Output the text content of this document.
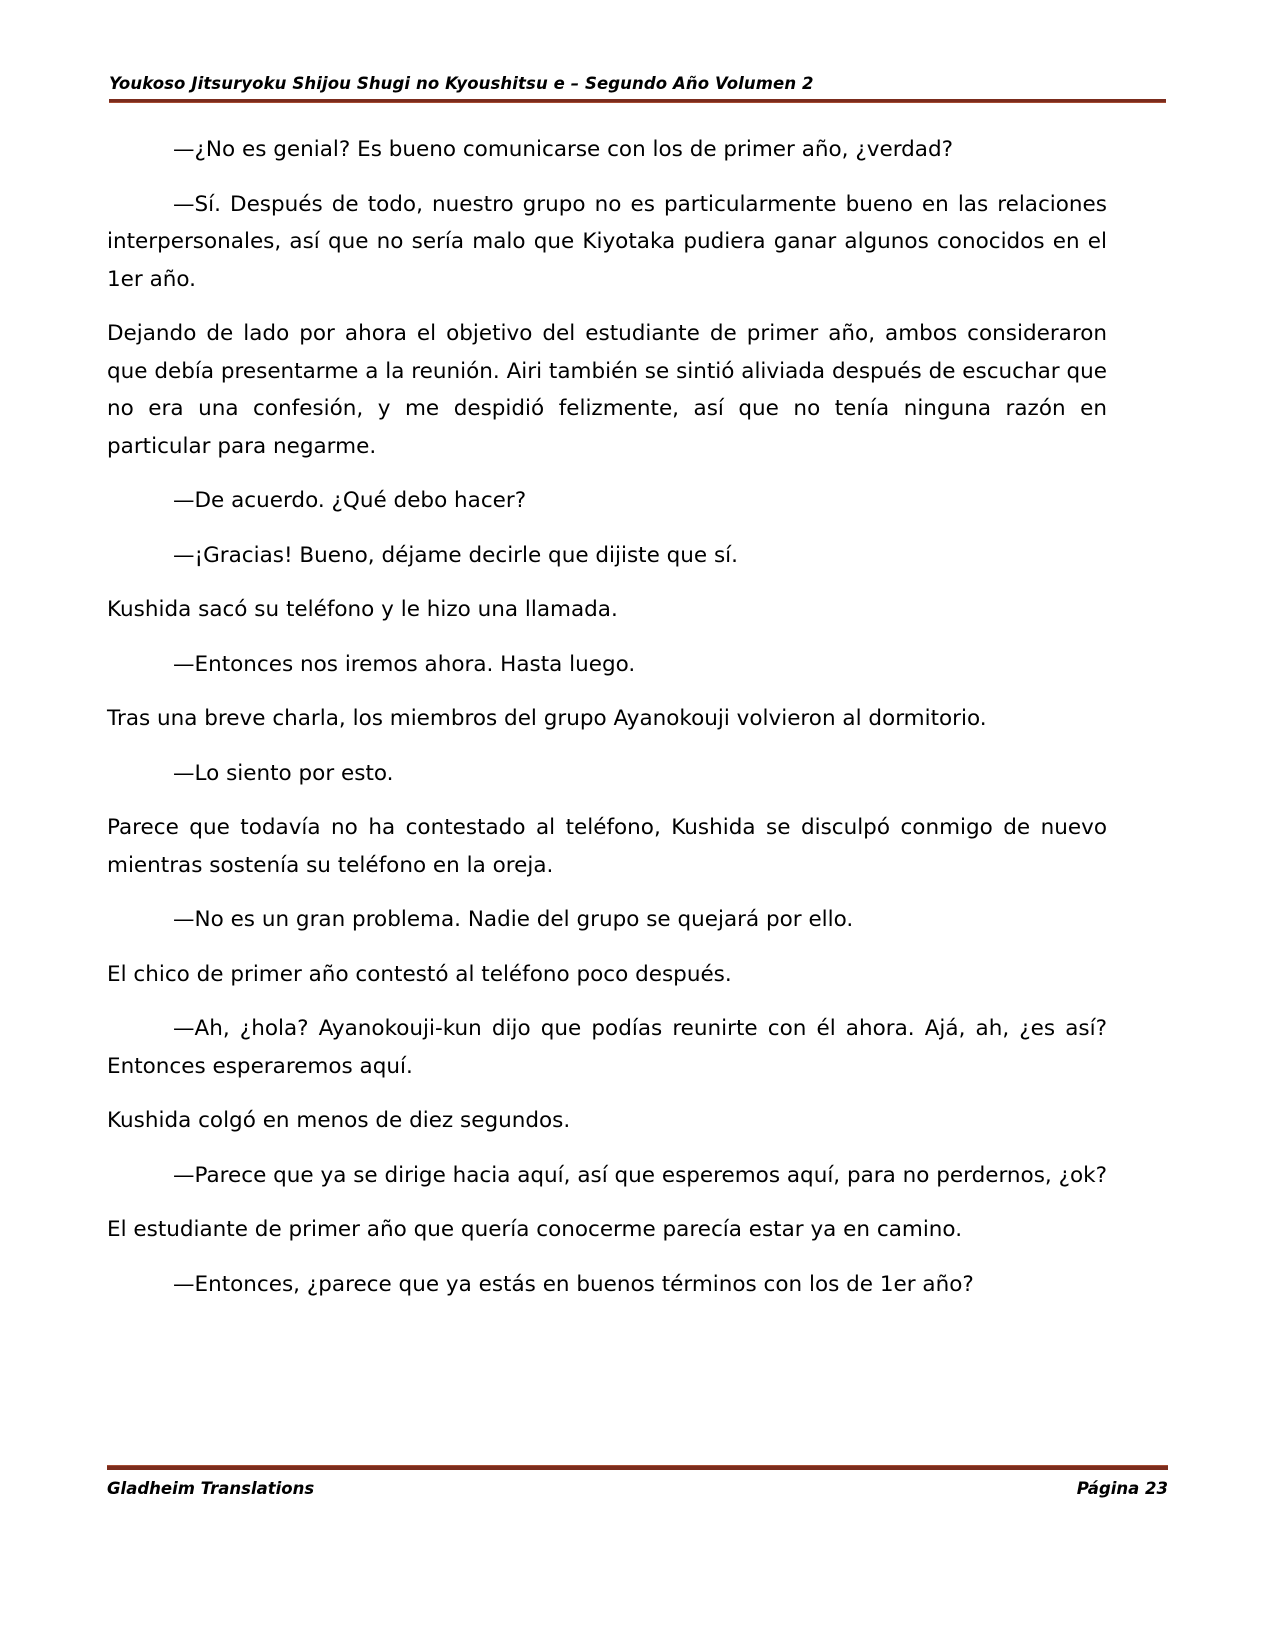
Youkoso Jitsuryoku Shijou Shugi no Kyoushitsu e – Segundo Año Volumen 2

—¿No es genial? Es bueno comunicarse con los de primer año, ¿verdad?

—Sí. Después de todo, nuestro grupo no es particularmente bueno en las relaciones interpersonales, así que no sería malo que Kiyotaka pudiera ganar algunos conocidos en el 1er año.

Dejando de lado por ahora el objetivo del estudiante de primer año, ambos consideraron que debía presentarme a la reunión. Airi también se sintió aliviada después de escuchar que no era una confesión, y me despidió felizmente, así que no tenía ninguna razón en particular para negarme.

—De acuerdo. ¿Qué debo hacer?

—¡Gracias! Bueno, déjame decirle que dijiste que sí.

Kushida sacó su teléfono y le hizo una llamada.

—Entonces nos iremos ahora. Hasta luego.

Tras una breve charla, los miembros del grupo Ayanokouji volvieron al dormitorio.

—Lo siento por esto.

Parece que todavía no ha contestado al teléfono, Kushida se disculpó conmigo de nuevo mientras sostenía su teléfono en la oreja.

—No es un gran problema. Nadie del grupo se quejará por ello.

El chico de primer año contestó al teléfono poco después.

—Ah, ¿hola? Ayanokouji-kun dijo que podías reunirte con él ahora. Ajá, ah, ¿es así? Entonces esperaremos aquí.

Kushida colgó en menos de diez segundos.

—Parece que ya se dirige hacia aquí, así que esperemos aquí, para no perdernos, ¿ok?

El estudiante de primer año que quería conocerme parecía estar ya en camino.

—Entonces, ¿parece que ya estás en buenos términos con los de 1er año?

Gladheim Translations	Página 23
